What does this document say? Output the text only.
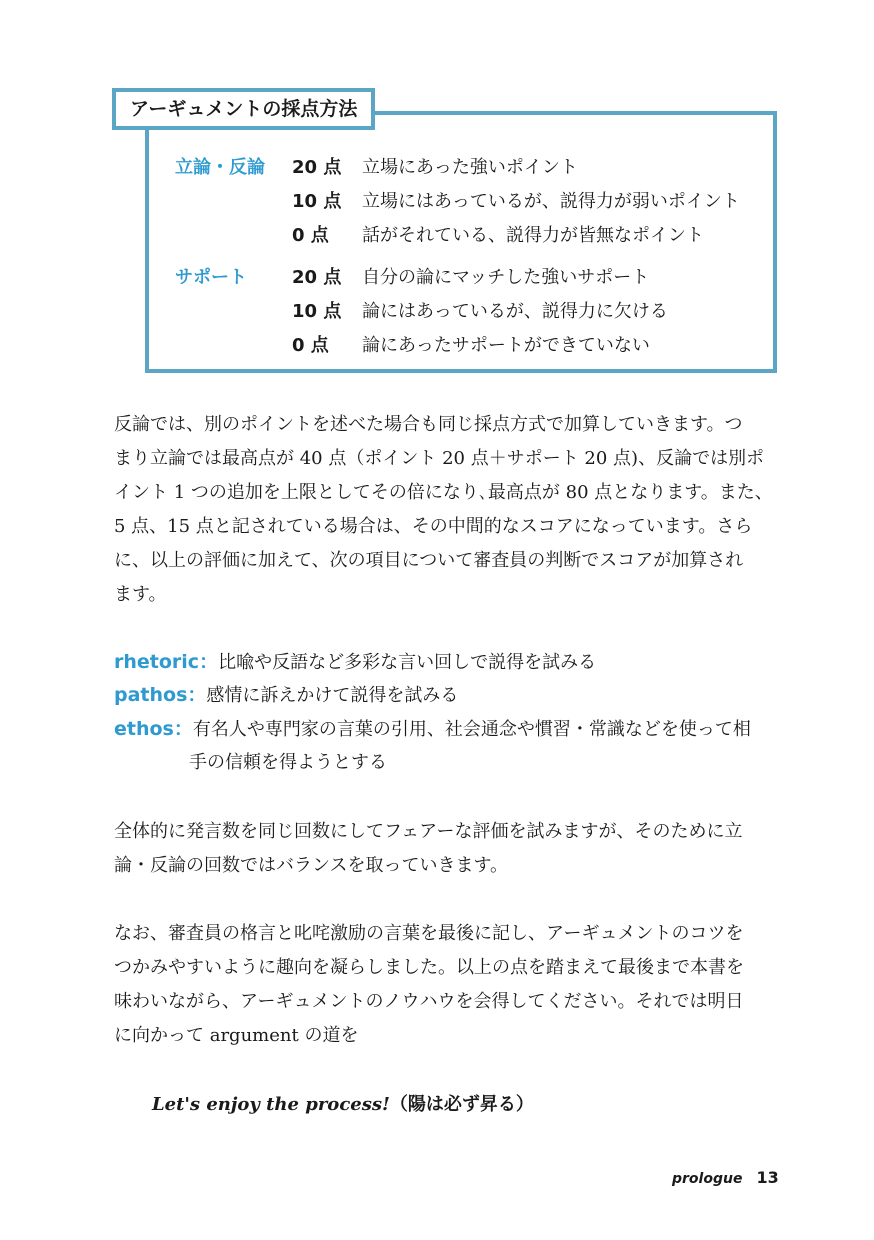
アーギュメントの採点方法
立論・反論 20 点 立場にあった強いポイント
10 点 立場にはあっているが、説得力が弱いポイント
0 点 話がそれている、説得力が皆無なポイント
サポート	20 点 自分の論にマッチした強いサポート
10 点 論にはあっているが、説得力に欠ける
0 点 論にあったサポートができていない

反論では、別のポイントを述べた場合も同じ採点方式で加算していきます。つ
まり立論では最高点が 40 点（ポイント 20 点＋サポート 20 点)、反論では別ポ
イント 1 つの追加を上限としてその倍になり､最高点が 80 点となります。また、
5 点、15 点と記されている場合は、その中間的なスコアになっています。さら
に、以上の評価に加えて、次の項目について審査員の判断でスコアが加算され
ます。

rhetoric：比喩や反語など多彩な言い回しで説得を試みる
pathos：感情に訴えかけて説得を試みる
ethos：有名人や専門家の言葉の引用、社会通念や慣習・常識などを使って相
手の信頼を得ようとする

全体的に発言数を同じ回数にしてフェアーな評価を試みますが、そのために立
論・反論の回数ではバランスを取っていきます。

なお、審査員の格言と叱咤激励の言葉を最後に記し、アーギュメントのコツを
つかみやすいように趣向を凝らしました。以上の点を踏まえて最後まで本書を
味わいながら、アーギュメントのノウハウを会得してください。それでは明日
に向かって argument の道を

Let's enjoy the process!（陽は必ず昇る）
prologue 13
